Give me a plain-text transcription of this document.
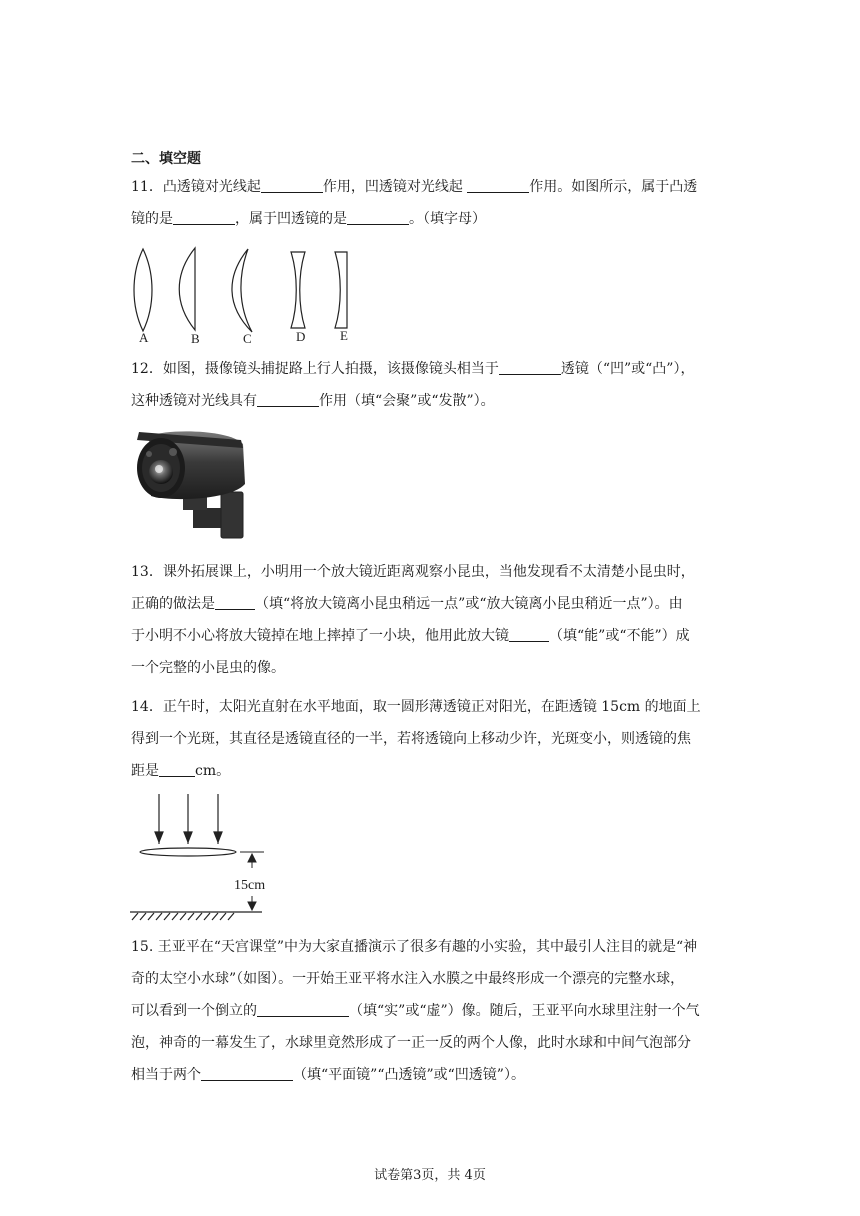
二、填空题

11．凸透镜对光线起	作用，凹透镜对光线起	作用。如图所示，属于凸透

镜的是	，属于凹透镜的是	。（填字母）

A	B	C	D	E

12．如图，摄像镜头捕捉路上行人拍摄，该摄像镜头相当于	透镜（“凹”或“凸”），

这种透镜对光线具有	作用（填“会聚”或“发散”）。

13．课外拓展课上，小明用一个放大镜近距离观察小昆虫，当他发现看不太清楚小昆虫时，

正确的做法是	（填“将放大镜离小昆虫稍远一点”或“放大镜离小昆虫稍近一点”）。由

于小明不小心将放大镜掉在地上摔掉了一小块，他用此放大镜	（填“能”或“不能”）成

一个完整的小昆虫的像。

14．正午时，太阳光直射在水平地面，取一圆形薄透镜正对阳光，在距透镜 15cm 的地面上

得到一个光斑，其直径是透镜直径的一半，若将透镜向上移动少许，光斑变小，则透镜的焦

距是	cm。

15cm

15. 王亚平在“天宫课堂”中为大家直播演示了很多有趣的小实验，其中最引人注目的就是“神

奇的太空小水球”（如图）。一开始王亚平将水注入水膜之中最终形成一个漂亮的完整水球，

可以看到一个倒立的	（填“实”或“虚”）像。随后，王亚平向水球里注射一个气

泡，神奇的一幕发生了，水球里竟然形成了一正一反的两个人像，此时水球和中间气泡部分

相当于两个	（填“平面镜”“凸透镜”或“凹透镜”）。

试卷第3页，共 4页
